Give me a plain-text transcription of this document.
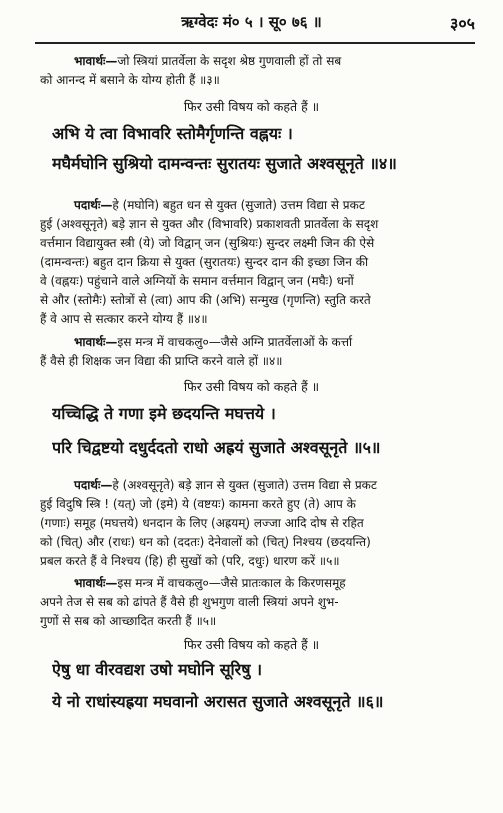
ऋग्वेदः मं० ५ । सू० ७६ ॥	३०५
भावार्थः—जो स्त्रियां प्रातर्वेला के सदृश श्रेष्ठ गुणवाली हों तो सब
को आनन्द में बसाने के योग्य होती हैं ॥३॥
फिर उसी विषय को कहते हैं ॥
अभि ये त्वा विभावरि स्तोमैर्गृणन्ति वह्नयः ।
मघैर्मघोनि सुश्रियो दामन्वन्तः सुरातयः सुजाते अश्वसूनृते ॥४॥
पदार्थः—हे (मघोनि) बहुत धन से युक्त (सुजाते) उत्तम विद्या से प्रकट
हुई (अश्वसूनृते) बड़े ज्ञान से युक्त और (विभावरि) प्रकाशवती प्रातर्वेला के सदृश
वर्त्तमान विद्यायुक्त स्त्री (ये) जो विद्वान् जन (सुश्रियः) सुन्दर लक्ष्मी जिन की ऐसे
(दामन्वन्तः) बहुत दान क्रिया से युक्त (सुरातयः) सुन्दर दान की इच्छा जिन की
वे (वह्नयः) पहुंचाने वाले अग्नियों के समान वर्त्तमान विद्वान् जन (मघैः) धनों
से और (स्तोमैः) स्तोत्रों से (त्वा) आप की (अभि) सन्मुख (गृणन्ति) स्तुति करते
हैं वे आप से सत्कार करने योग्य हैं ॥४॥
भावार्थः—इस मन्त्र में वाचकलु०—जैसे अग्नि प्रातर्वेलाओं के कर्त्ता
हैं वैसे ही शिक्षक जन विद्या की प्राप्ति करने वाले हों ॥४॥
फिर उसी विषय को कहते हैं ॥
यच्चिद्धि ते गणा इमे छदयन्ति मघत्तये ।
परि चिद्वष्टयो दधुर्ददतो राधो अह्रयं सुजाते अश्वसूनृते ॥५॥
पदार्थः—हे (अश्वसूनृते) बड़े ज्ञान से युक्त (सुजाते) उत्तम विद्या से प्रकट
हुई विदुषि स्त्रि ! (यत्) जो (इमे) ये (वष्टयः) कामना करते हुए (ते) आप के
(गणाः) समूह (मघत्तये) धनदान के लिए (अह्रयम्) लज्जा आदि दोष से रहित
को (चित्) और (राधः) धन को (ददतः) देनेवालों को (चित्) निश्चय (छदयन्ति)
प्रबल करते हैं वे निश्चय (हि) ही सुखों को (परि, दधुः) धारण करें ॥५॥
भावार्थः—इस मन्त्र में वाचकलु०—जैसे प्रातःकाल के किरणसमूह
अपने तेज से सब को ढांपते हैं वैसे ही शुभगुण वाली स्त्रियां अपने शुभ-
गुणों से सब को आच्छादित करती हैं ॥५॥
फिर उसी विषय को कहते हैं ॥
ऐषु धा वीरवद्यश उषो मघोनि सूरिषु ।
ये नो राधांस्यह्रया मघवानो अरासत सुजाते अश्वसूनृते ॥६॥
